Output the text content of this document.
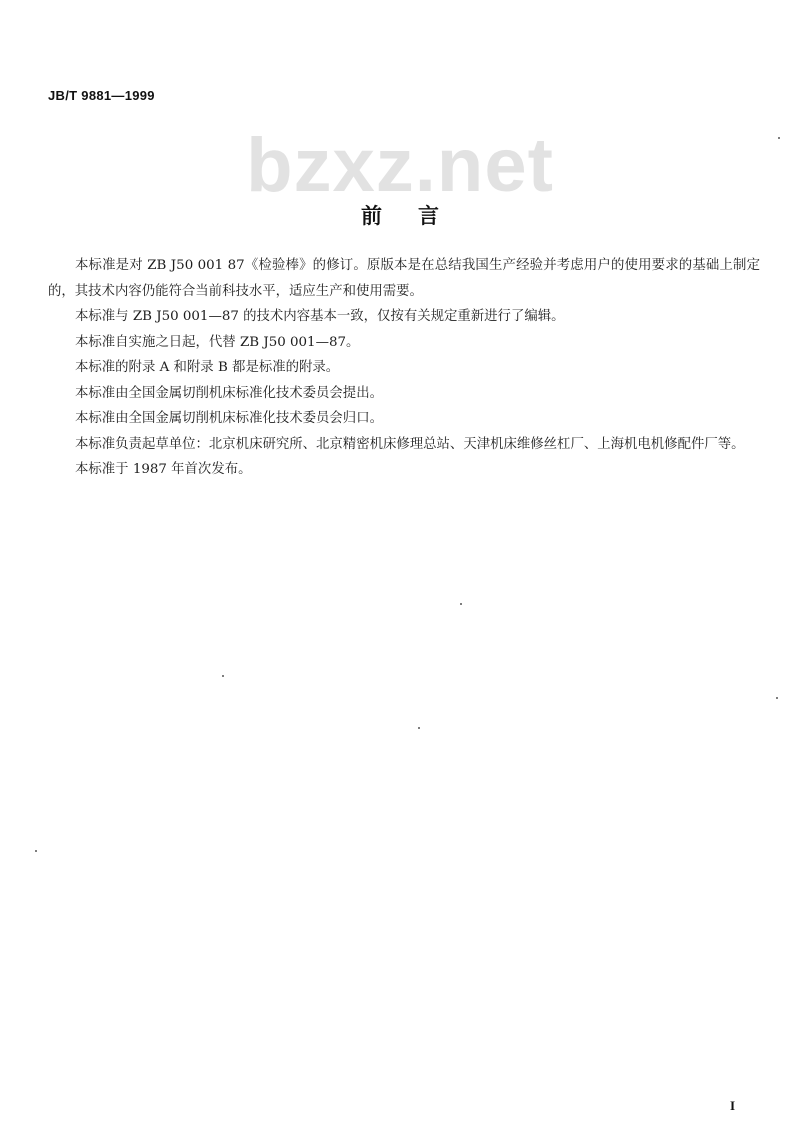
JB/T 9881—1999
bzxz.net
前言

本标准是对 ZB J50 001 87《检验棒》的修订。原版本是在总结我国生产经验并考虑用户的使用要求的基础上制定的，其技术内容仍能符合当前科技水平，适应生产和使用需要。

本标准与 ZB J50 001—87 的技术内容基本一致，仅按有关规定重新进行了编辑。

本标准自实施之日起，代替 ZB J50 001—87。

本标准的附录 A 和附录 B 都是标准的附录。

本标准由全国金属切削机床标准化技术委员会提出。

本标准由全国金属切削机床标准化技术委员会归口。

本标准负责起草单位：北京机床研究所、北京精密机床修理总站、天津机床维修丝杠厂、上海机电机修配件厂等。

本标准于 1987 年首次发布。

I
